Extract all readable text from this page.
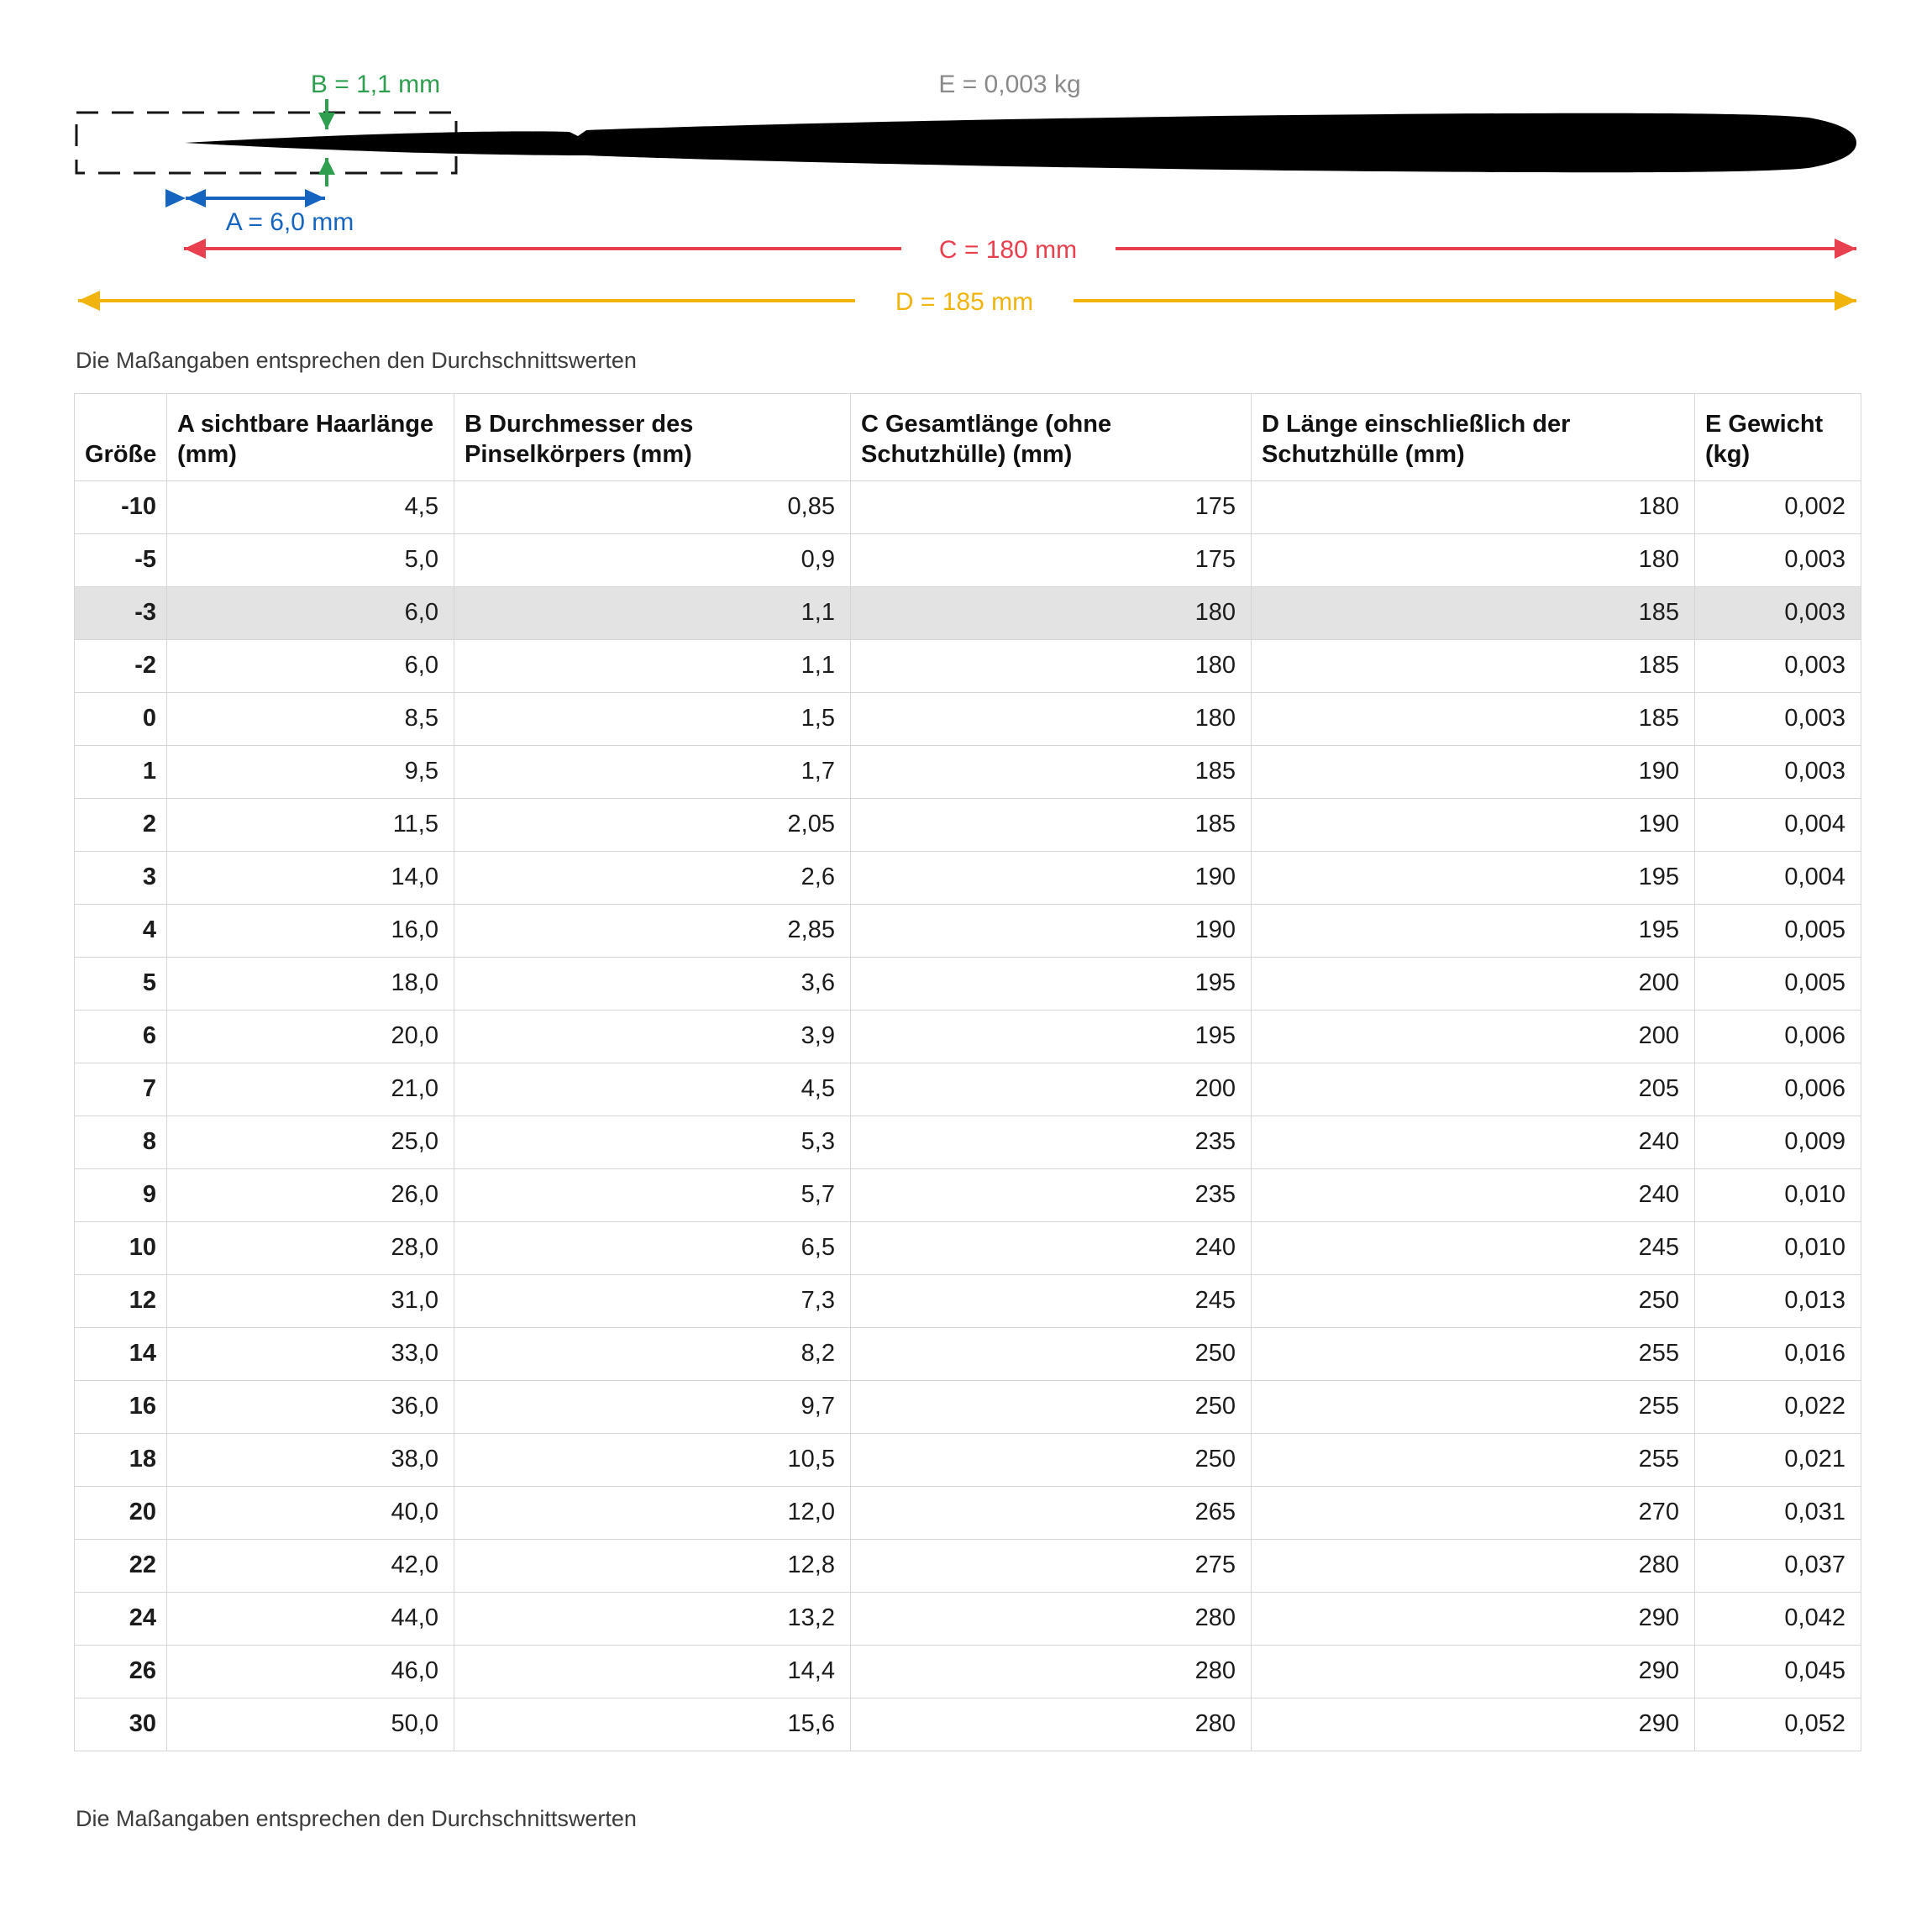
B = 1,1 mm	E = 0,003 kg
A = 6,0 mm
C = 180 mm
D = 185 mm
Die Maßangaben entsprechen den Durchschnittswerten
Größe	A sichtbare Haarlänge (mm)	B Durchmesser des Pinselkörpers (mm)	C Gesamtlänge (ohne Schutzhülle) (mm)	D Länge einschließlich der Schutzhülle (mm)	E Gewicht (kg)
-10	4,5	0,85	175	180	0,002
-5	5,0	0,9	175	180	0,003
-3	6,0	1,1	180	185	0,003
-2	6,0	1,1	180	185	0,003
0	8,5	1,5	180	185	0,003
1	9,5	1,7	185	190	0,003
2	11,5	2,05	185	190	0,004
3	14,0	2,6	190	195	0,004
4	16,0	2,85	190	195	0,005
5	18,0	3,6	195	200	0,005
6	20,0	3,9	195	200	0,006
7	21,0	4,5	200	205	0,006
8	25,0	5,3	235	240	0,009
9	26,0	5,7	235	240	0,010
10	28,0	6,5	240	245	0,010
12	31,0	7,3	245	250	0,013
14	33,0	8,2	250	255	0,016
16	36,0	9,7	250	255	0,022
18	38,0	10,5	250	255	0,021
20	40,0	12,0	265	270	0,031
22	42,0	12,8	275	280	0,037
24	44,0	13,2	280	290	0,042
26	46,0	14,4	280	290	0,045
30	50,0	15,6	280	290	0,052
Die Maßangaben entsprechen den Durchschnittswerten
